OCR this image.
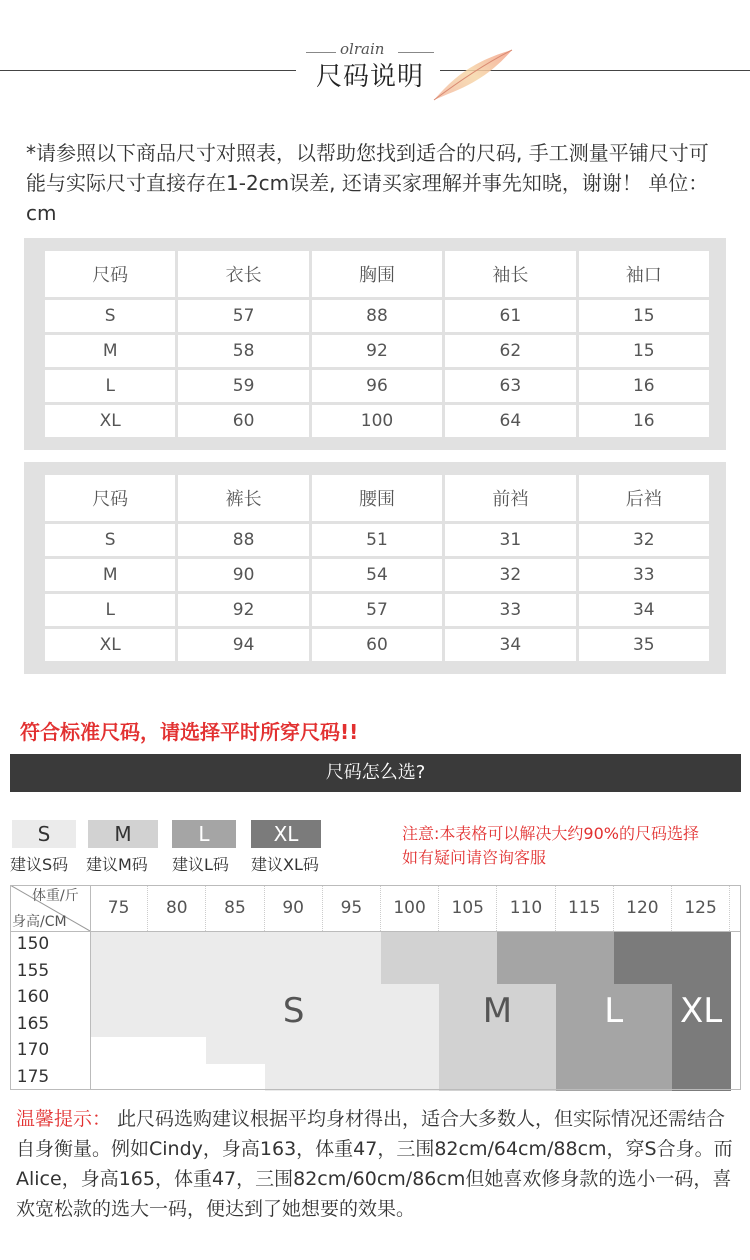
olrain
尺码说明
*请参照以下商品尺寸对照表，以帮助您找到适合的尺码, 手工测量平铺尺寸可能与实际尺寸直接存在1-2cm误差, 还请买家理解并事先知晓，谢谢！ 单位：cm
尺码	衣长	胸围	袖长	袖口
S	57	88	61	15
M	58	92	62	15
L	59	96	63	16
XL	60	100	64	16
尺码	裤长	腰围	前裆	后裆
S	88	51	31	32
M	90	54	32	33
L	92	57	33	34
XL	94	60	34	35
符合标准尺码，请选择平时所穿尺码!!
尺码怎么选?
S	M	L	XL
建议S码 建议M码 建议L码 建议XL码
注意:本表格可以解决大约90%的尺码选择
如有疑问请咨询客服
体重/斤
身高/CM
75	80	85	90	95	100	105	110	115	120	125
150
155
160
165
170
175
S	M	L	XL
温馨提示： 此尺码选购建议根据平均身材得出，适合大多数人，但实际情况还需结合自身衡量。例如Cindy，身高163，体重47，三围82cm/64cm/88cm，穿S合身。而Alice，身高165，体重47，三围82cm/60cm/86cm但她喜欢修身款的选小一码，喜欢宽松款的选大一码，便达到了她想要的效果。
